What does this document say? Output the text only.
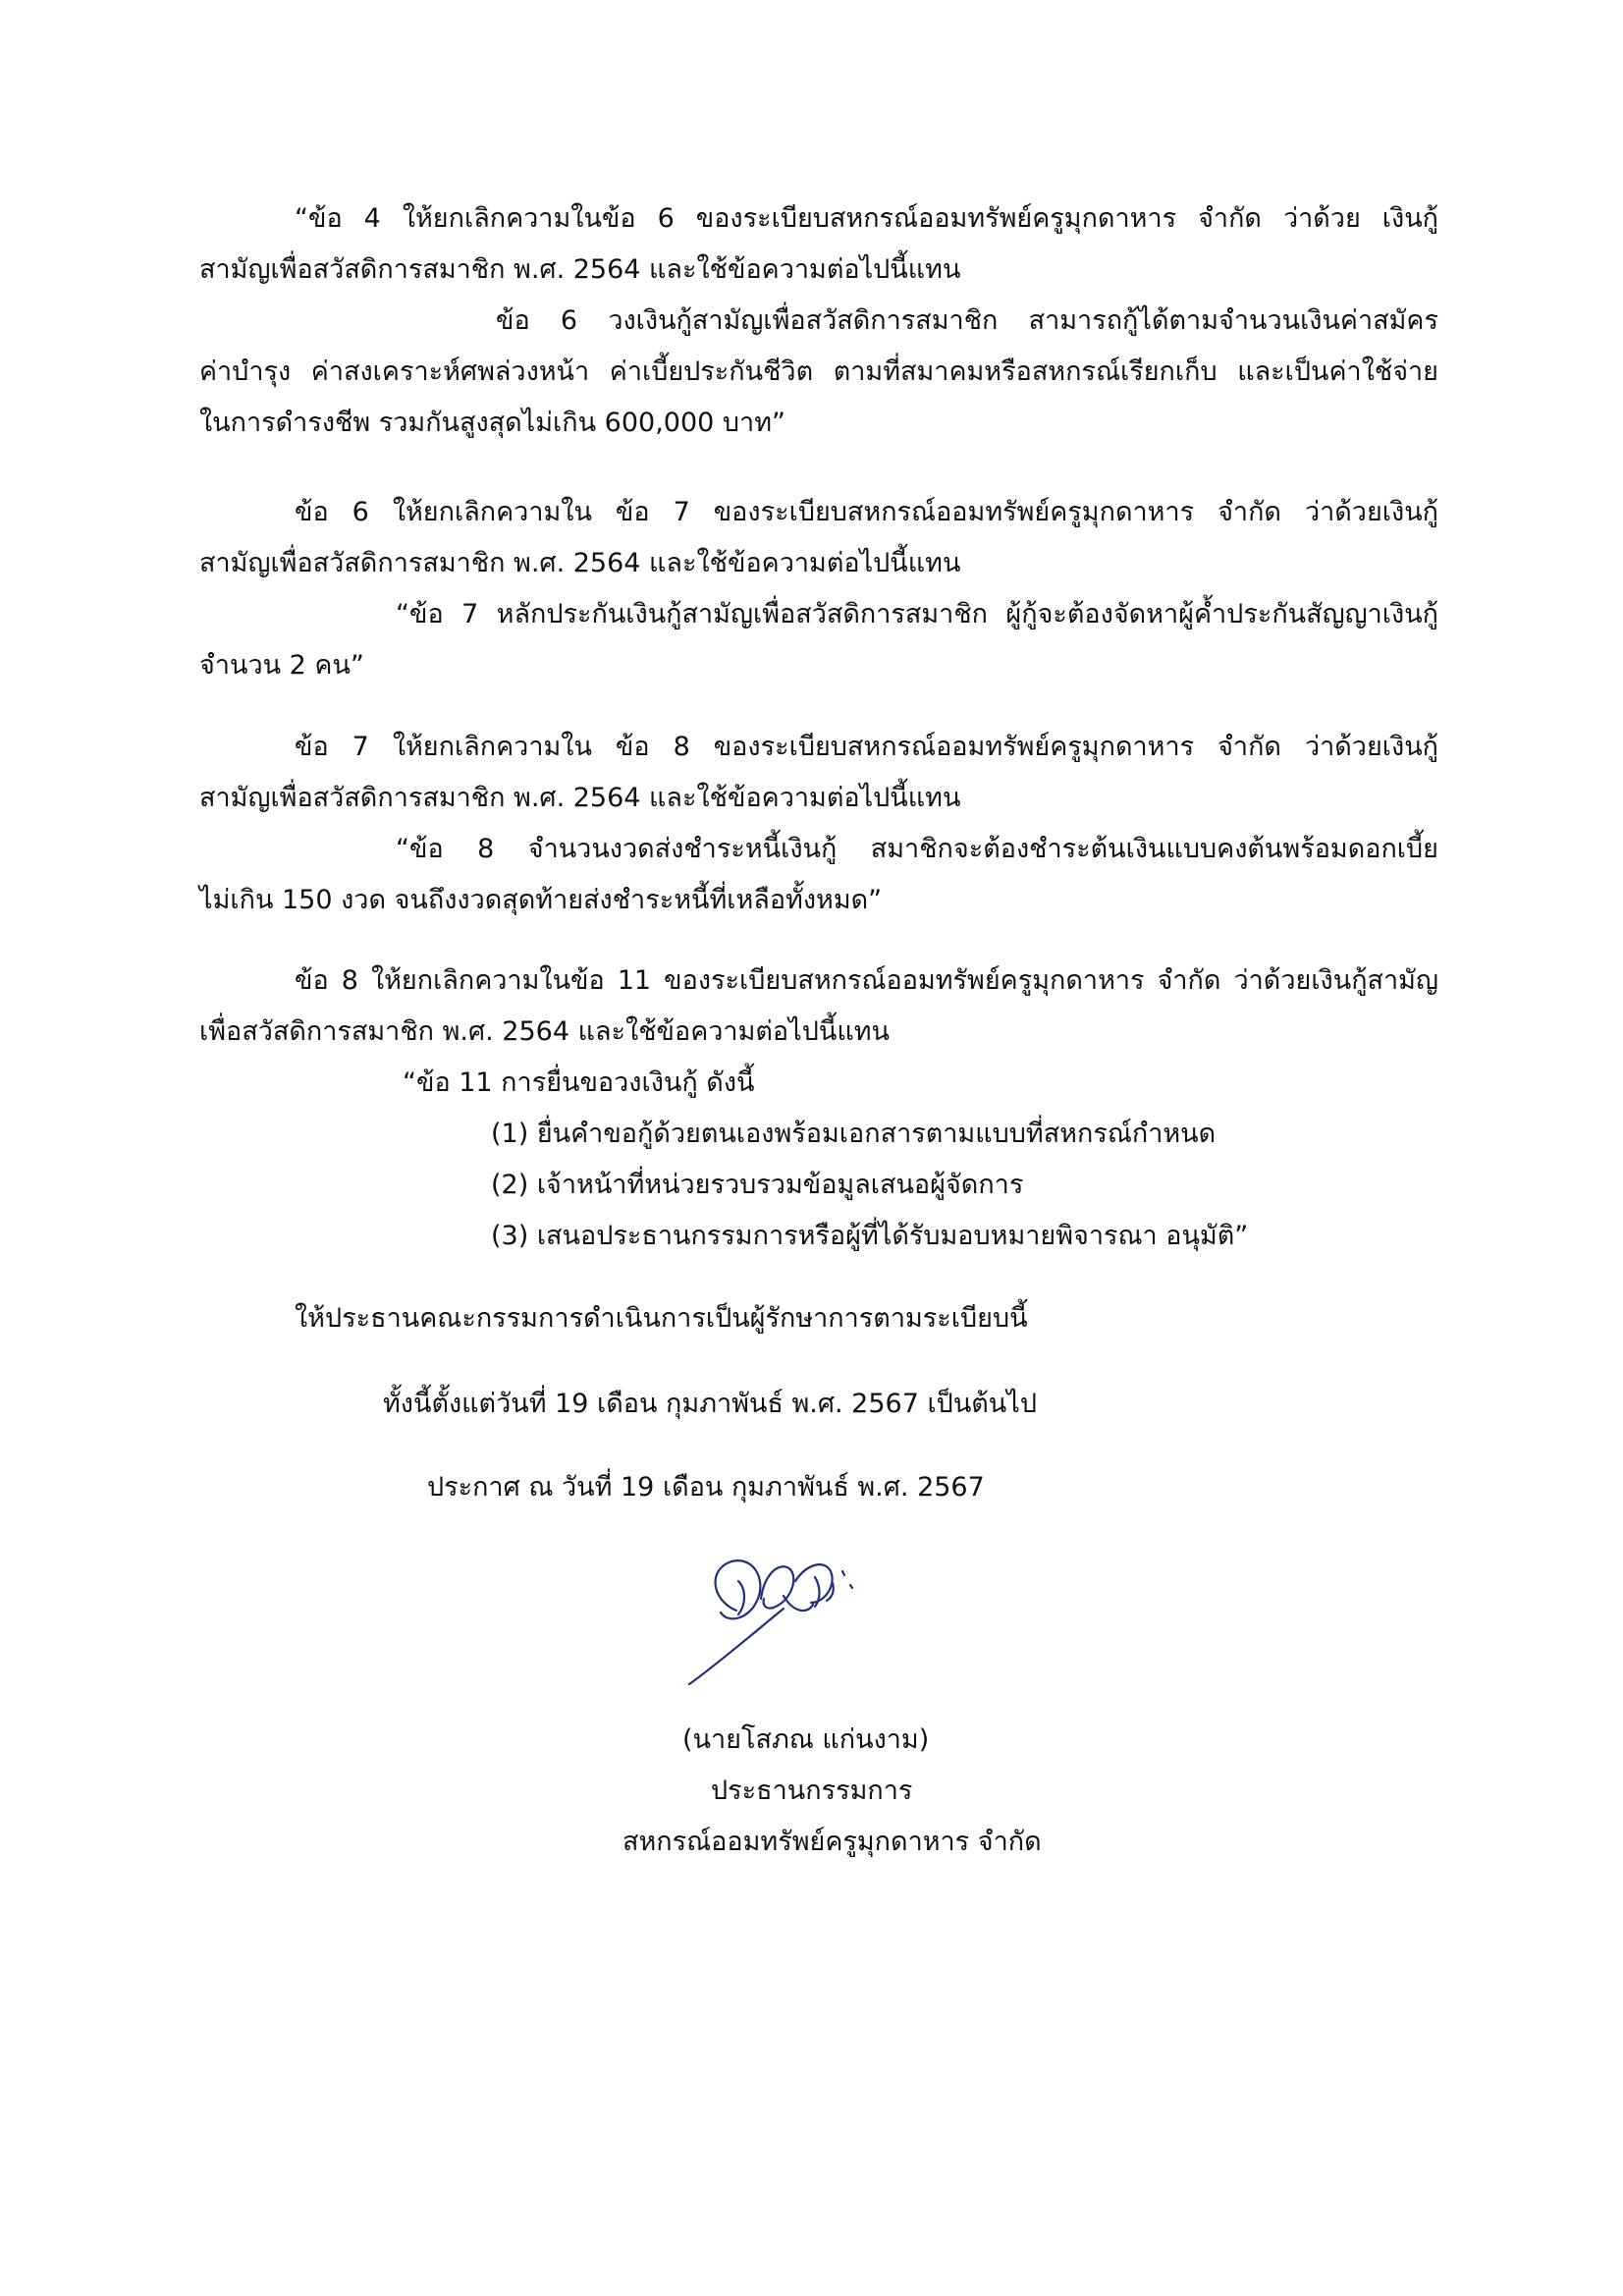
“ข้อ 4 ให้ยกเลิกความในข้อ 6 ของระเบียบสหกรณ์ออมทรัพย์ครูมุกดาหาร จำกัด ว่าด้วย เงินกู้
สามัญเพื่อสวัสดิการสมาชิก พ.ศ. 2564 และใช้ข้อความต่อไปนี้แทน
ข้อ 6 วงเงินกู้สามัญเพื่อสวัสดิการสมาชิก สามารถกู้ได้ตามจำนวนเงินค่าสมัคร
ค่าบำรุง ค่าสงเคราะห์ศพล่วงหน้า ค่าเบี้ยประกันชีวิต ตามที่สมาคมหรือสหกรณ์เรียกเก็บ และเป็นค่าใช้จ่าย
ในการดำรงชีพ รวมกันสูงสุดไม่เกิน 600,000 บาท”
ข้อ 6 ให้ยกเลิกความใน ข้อ 7 ของระเบียบสหกรณ์ออมทรัพย์ครูมุกดาหาร จำกัด ว่าด้วยเงินกู้
สามัญเพื่อสวัสดิการสมาชิก พ.ศ. 2564 และใช้ข้อความต่อไปนี้แทน
“ข้อ 7 หลักประกันเงินกู้สามัญเพื่อสวัสดิการสมาชิก ผู้กู้จะต้องจัดหาผู้ค้ำประกันสัญญาเงินกู้
จำนวน 2 คน”
ข้อ 7 ให้ยกเลิกความใน ข้อ 8 ของระเบียบสหกรณ์ออมทรัพย์ครูมุกดาหาร จำกัด ว่าด้วยเงินกู้
สามัญเพื่อสวัสดิการสมาชิก พ.ศ. 2564 และใช้ข้อความต่อไปนี้แทน
“ข้อ 8 จำนวนงวดส่งชำระหนี้เงินกู้ สมาชิกจะต้องชำระต้นเงินแบบคงต้นพร้อมดอกเบี้ย
ไม่เกิน 150 งวด จนถึงงวดสุดท้ายส่งชำระหนี้ที่เหลือทั้งหมด”
ข้อ 8 ให้ยกเลิกความในข้อ 11 ของระเบียบสหกรณ์ออมทรัพย์ครูมุกดาหาร จำกัด ว่าด้วยเงินกู้สามัญ
เพื่อสวัสดิการสมาชิก พ.ศ. 2564 และใช้ข้อความต่อไปนี้แทน
“ข้อ 11 การยื่นขอวงเงินกู้ ดังนี้
(1) ยื่นคำขอกู้ด้วยตนเองพร้อมเอกสารตามแบบที่สหกรณ์กำหนด
(2) เจ้าหน้าที่หน่วยรวบรวมข้อมูลเสนอผู้จัดการ
(3) เสนอประธานกรรมการหรือผู้ที่ได้รับมอบหมายพิจารณา อนุมัติ”
ให้ประธานคณะกรรมการดำเนินการเป็นผู้รักษาการตามระเบียบนี้
ทั้งนี้ตั้งแต่วันที่ 19 เดือน กุมภาพันธ์ พ.ศ. 2567 เป็นต้นไป
ประกาศ ณ วันที่ 19 เดือน กุมภาพันธ์ พ.ศ. 2567
(นายโสภณ แก่นงาม)
ประธานกรรมการ
สหกรณ์ออมทรัพย์ครูมุกดาหาร จำกัด
